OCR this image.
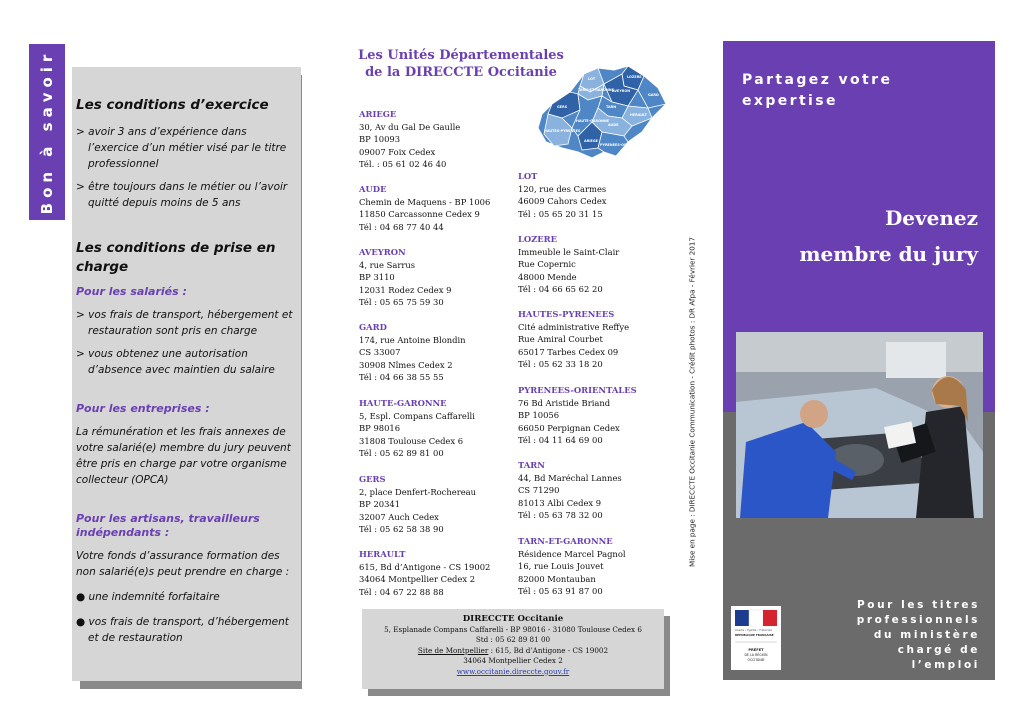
Bon à savoir Les conditions d’exercice

> avoir 3 ans d’expérience dans l’exercice d’un métier visé par le titre professionnel

> être toujours dans le métier ou l’avoir quitté depuis moins de 5 ans

Les conditions de prise en charge

Pour les salariés :

> vos frais de transport, hébergement et restauration sont pris en charge

> vous obtenez une autorisation d’absence avec maintien du salaire

Pour les entreprises :

La rémunération et les frais annexes de votre salarié(e) membre du jury peuvent être pris en charge par votre organisme collecteur (OPCA)

Pour les artisans, travailleurs indépendants :

Votre fonds d’assurance formation des non salarié(e)s peut prendre en charge :

● une indemnité forfaitaire

● vos frais de transport, d’hébergement et de restauration

Les Unités Départementales
de la DIRECCTE Occitanie	LOZERE
LOT
AVEYRON
TARN
GARD
HERAULT
GERS
HAUTE-GARONNE
HAUTES-PYRENEES
AUDE
ARIEGE
PYRENEES-ORIENTALES
TARN-ET-GARONNE
ARIEGE
30, Av du Gal De Gaulle
BP 10093
09007 Foix Cedex
Tél. : 05 61 02 46 40
AUDE
Chemin de Maquens - BP 1006
11850 Carcassonne Cedex 9
Tél : 04 68 77 40 44
AVEYRON
4, rue Sarrus
BP 3110
12031 Rodez Cedex 9
Tél : 05 65 75 59 30
GARD
174, rue Antoine Blondin
CS 33007
30908 Nîmes Cedex 2
Tél : 04 66 38 55 55
HAUTE-GARONNE
5, Espl. Compans Caffarelli
BP 98016
31808 Toulouse Cedex 6
Tél : 05 62 89 81 00
GERS
2, place Denfert-Rochereau
BP 20341
32007 Auch Cedex
Tél : 05 62 58 38 90
HERAULT
615, Bd d’Antigone - CS 19002
34064 Montpellier Cedex 2
Tél : 04 67 22 88 88
LOT
120, rue des Carmes
46009 Cahors Cedex
Tél : 05 65 20 31 15
LOZERE
Immeuble le Saint-Clair
Rue Copernic
48000 Mende
Tél : 04 66 65 62 20
HAUTES-PYRENEES
Cité administrative Reffye
Rue Amiral Courbet
65017 Tarbes Cedex 09
Tél : 05 62 33 18 20
PYRENEES-ORIENTALES
76 Bd Aristide Briand
BP 10056
66050 Perpignan Cedex
Tél : 04 11 64 69 00
TARN
44, Bd Maréchal Lannes
CS 71290
81013 Albi Cedex 9
Tél : 05 63 78 32 00
TARN-ET-GARONNE
Résidence Marcel Pagnol
16, rue Louis Jouvet
82000 Montauban
Tél : 05 63 91 87 00
DIRECCTE Occitanie
5, Esplanade Compans Caffarelli - BP 98016 - 31080 Toulouse Cedex 6
Std : 05 62 89 81 00
Site de Montpellier : 615, Bd d’Antigone - CS 19002
34064 Montpellier Cedex 2
www.occitanie.direccte.gouv.fr
Mise en page : DIRECCTE Occitanie Communication - Crédit photos : DR Afpa - Février 2017
Partagez votre
expertise
Devenez
membre du jury
Pour les titres
professionnels
du ministère
chargé de
l’emploi
Liberté • Égalité • Fraternité
RÉPUBLIQUE FRANÇAISE
PRÉFET
DE LA RÉGION
OCCITANIE
